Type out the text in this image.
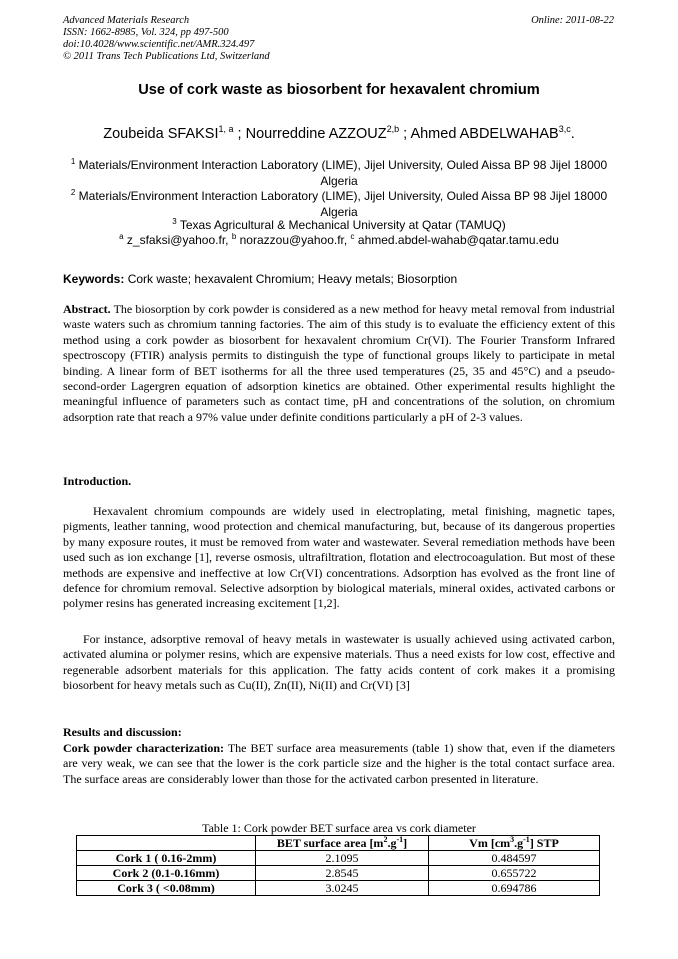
Advanced Materials Research
ISSN: 1662-8985, Vol. 324, pp 497-500
doi:10.4028/www.scientific.net/AMR.324.497
© 2011 Trans Tech Publications Ltd, Switzerland
Online: 2011-08-22
Use of cork waste as biosorbent for hexavalent chromium
Zoubeida SFAKSI$^{1, a}$ ; Nourreddine AZZOUZ$^{2,b}$ ; Ahmed ABDELWAHAB$^{3,c}$.
$^1$ Materials/Environment Interaction Laboratory (LIME), Jijel University, Ouled Aissa BP 98 Jijel 18000 Algeria
$^2$ Materials/Environment Interaction Laboratory (LIME), Jijel University, Ouled Aissa BP 98 Jijel 18000 Algeria
$^3$ Texas Agricultural & Mechanical University at Qatar (TAMUQ)
$^a$ z_sfaksi@yahoo.fr, $^b$ norazzou@yahoo.fr, $^c$ ahmed.abdel-wahab@qatar.tamu.edu
Keywords: Cork waste; hexavalent Chromium; Heavy metals; Biosorption
Abstract. The biosorption by cork powder is considered as a new method for heavy metal removal from industrial waste waters such as chromium tanning factories. The aim of this study is to evaluate the efficiency extent of this method using a cork powder as biosorbent for hexavalent chromium Cr(VI). The Fourier Transform Infrared spectroscopy (FTIR) analysis permits to distinguish the type of functional groups likely to participate in metal binding. A linear form of BET isotherms for all the three used temperatures (25, 35 and 45°C) and a pseudo-second-order Lagergren equation of adsorption kinetics are obtained. Other experimental results highlight the meaningful influence of parameters such as contact time, pH and concentrations of the solution, on chromium adsorption rate that reach a 97% value under definite conditions particularly a pH of 2-3 values.
Introduction.
Hexavalent chromium compounds are widely used in electroplating, metal finishing, magnetic tapes, pigments, leather tanning, wood protection and chemical manufacturing, but, because of its dangerous properties by many exposure routes, it must be removed from water and wastewater. Several remediation methods have been used such as ion exchange [1], reverse osmosis, ultrafiltration, flotation and electrocoagulation. But most of these methods are expensive and ineffective at low Cr(VI) concentrations. Adsorption has evolved as the front line of defence for chromium removal. Selective adsorption by biological materials, mineral oxides, activated carbons or polymer resins has generated increasing excitement [1,2].
For instance, adsorptive removal of heavy metals in wastewater is usually achieved using activated carbon, activated alumina or polymer resins, which are expensive materials. Thus a need exists for low cost, effective and regenerable adsorbent materials for this application. The fatty acids content of cork makes it a promising biosorbent for heavy metals such as Cu(II), Zn(II), Ni(II) and Cr(VI) [3]
Results and discussion:
Cork powder characterization: The BET surface area measurements (table 1) show that, even if the diameters are very weak, we can see that the lower is the cork particle size and the higher is the total contact surface area. The surface areas are considerably lower than those for the activated carbon presented in literature.
Table 1: Cork powder BET surface area vs cork diameter
	BET surface area $[m^2.g^{-1}]$	Vm $[cm^3.g^{-1}]$ STP
Cork 1 ( 0.16-2mm)	2.1095	0.484597
Cork 2 (0.1-0.16mm)	2.8545	0.655722
Cork 3 ( <0.08mm)	3.0245	0.694786
